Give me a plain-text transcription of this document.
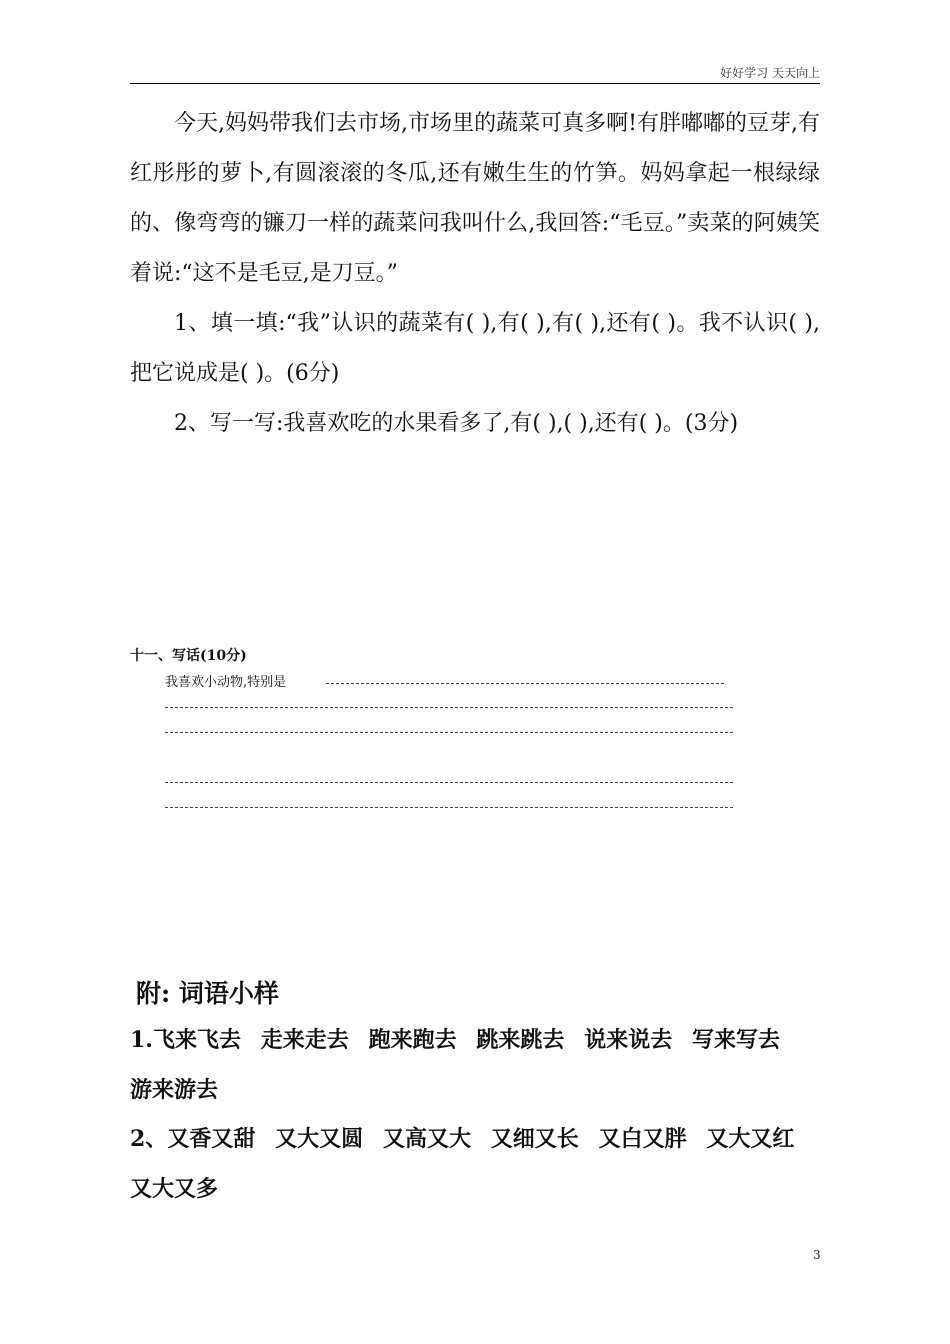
好好学习 天天向上

今天,妈妈带我们去市场,市场里的蔬菜可真多啊!有胖嘟嘟的豆芽,有红彤彤的萝卜,有圆滚滚的冬瓜,还有嫩生生的竹笋。妈妈拿起一根绿绿的、像弯弯的镰刀一样的蔬菜问我叫什么,我回答:“毛豆。”卖菜的阿姨笑着说:“这不是毛豆,是刀豆。”

1、填一填:“我”认识的蔬菜有( ),有( ),有( ),还有( )。我不认识( ),把它说成是( )。(6分)

2、写一写:我喜欢吃的水果看多了,有( ),( ),还有( )。(3分)

十一、写话(10分)
我喜欢小动物,特别是
附: 词语小样

1.飞来飞去 走来走去 跑来跑去 跳来跳去 说来说去 写来写去游来游去

2、又香又甜 又大又圆 又高又大 又细又长 又白又胖 又大又红又大又多

3
